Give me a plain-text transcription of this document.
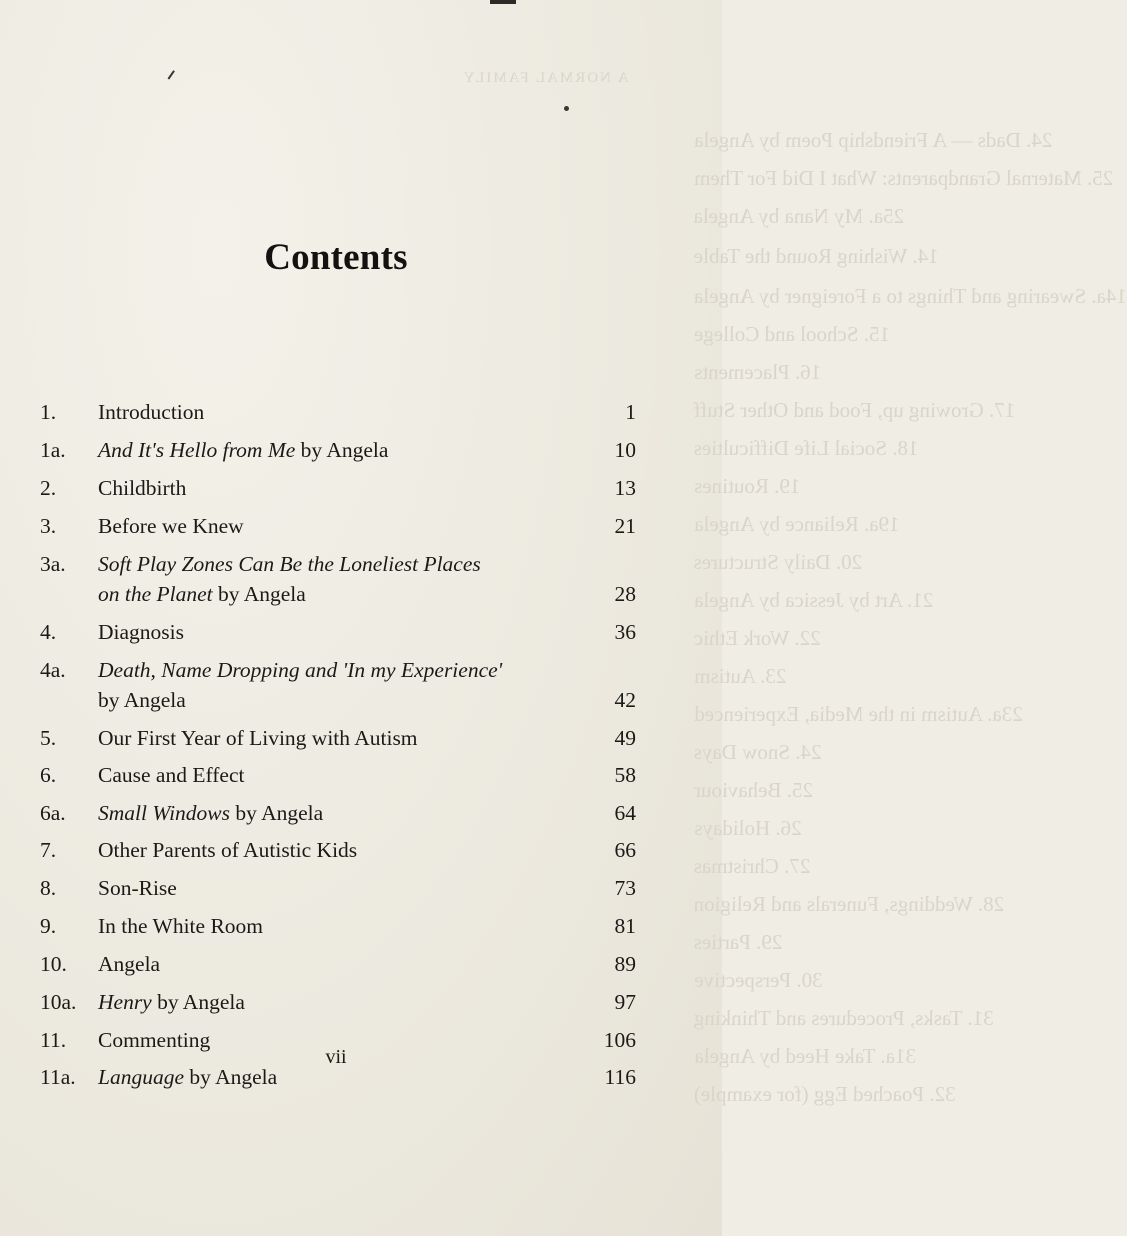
A NORMAL FAMILY
24. Dads — A Friendship Poem by Angela
25. Maternal Grandparents: What I Did For Them
25a. My Nana by Angela
14. Wishing Round the Table
14a. Swearing and Things to a Foreigner by Angela
15. School and College
16. Placements
17. Growing up, Food and Other Stuff
18. Social Life Difficulties
19. Routines
19a. Reliance by Angela
20. Daily Structures
21. Art by Jessica by Angela
22. Work Ethic
23. Autism
23a. Autism in the Media, Experienced
24. Snow Days
25. Behaviour
26. Holidays
27. Christmas
28. Weddings, Funerals and Religion
29. Parties
30. Perspective
31. Tasks, Procedures and Thinking
31a. Take Heed by Angela
32. Poached Egg (for example)
Contents
1. Introduction	1
1a. And It's Hello from Me by Angela	10
2. Childbirth	13
3. Before we Knew	21
3a. Soft Play Zones Can Be the Loneliest Places
on the Planet by Angela	28
4. Diagnosis	36
4a. Death, Name Dropping and 'In my Experience'
by Angela	42
5. Our First Year of Living with Autism	49
6. Cause and Effect	58
6a. Small Windows by Angela	64
7. Other Parents of Autistic Kids	66
8. Son-Rise	73
9. In the White Room	81
10. Angela	89
10a. Henry by Angela	97
11. Commenting	106
11a. Language by Angela	116
vii
